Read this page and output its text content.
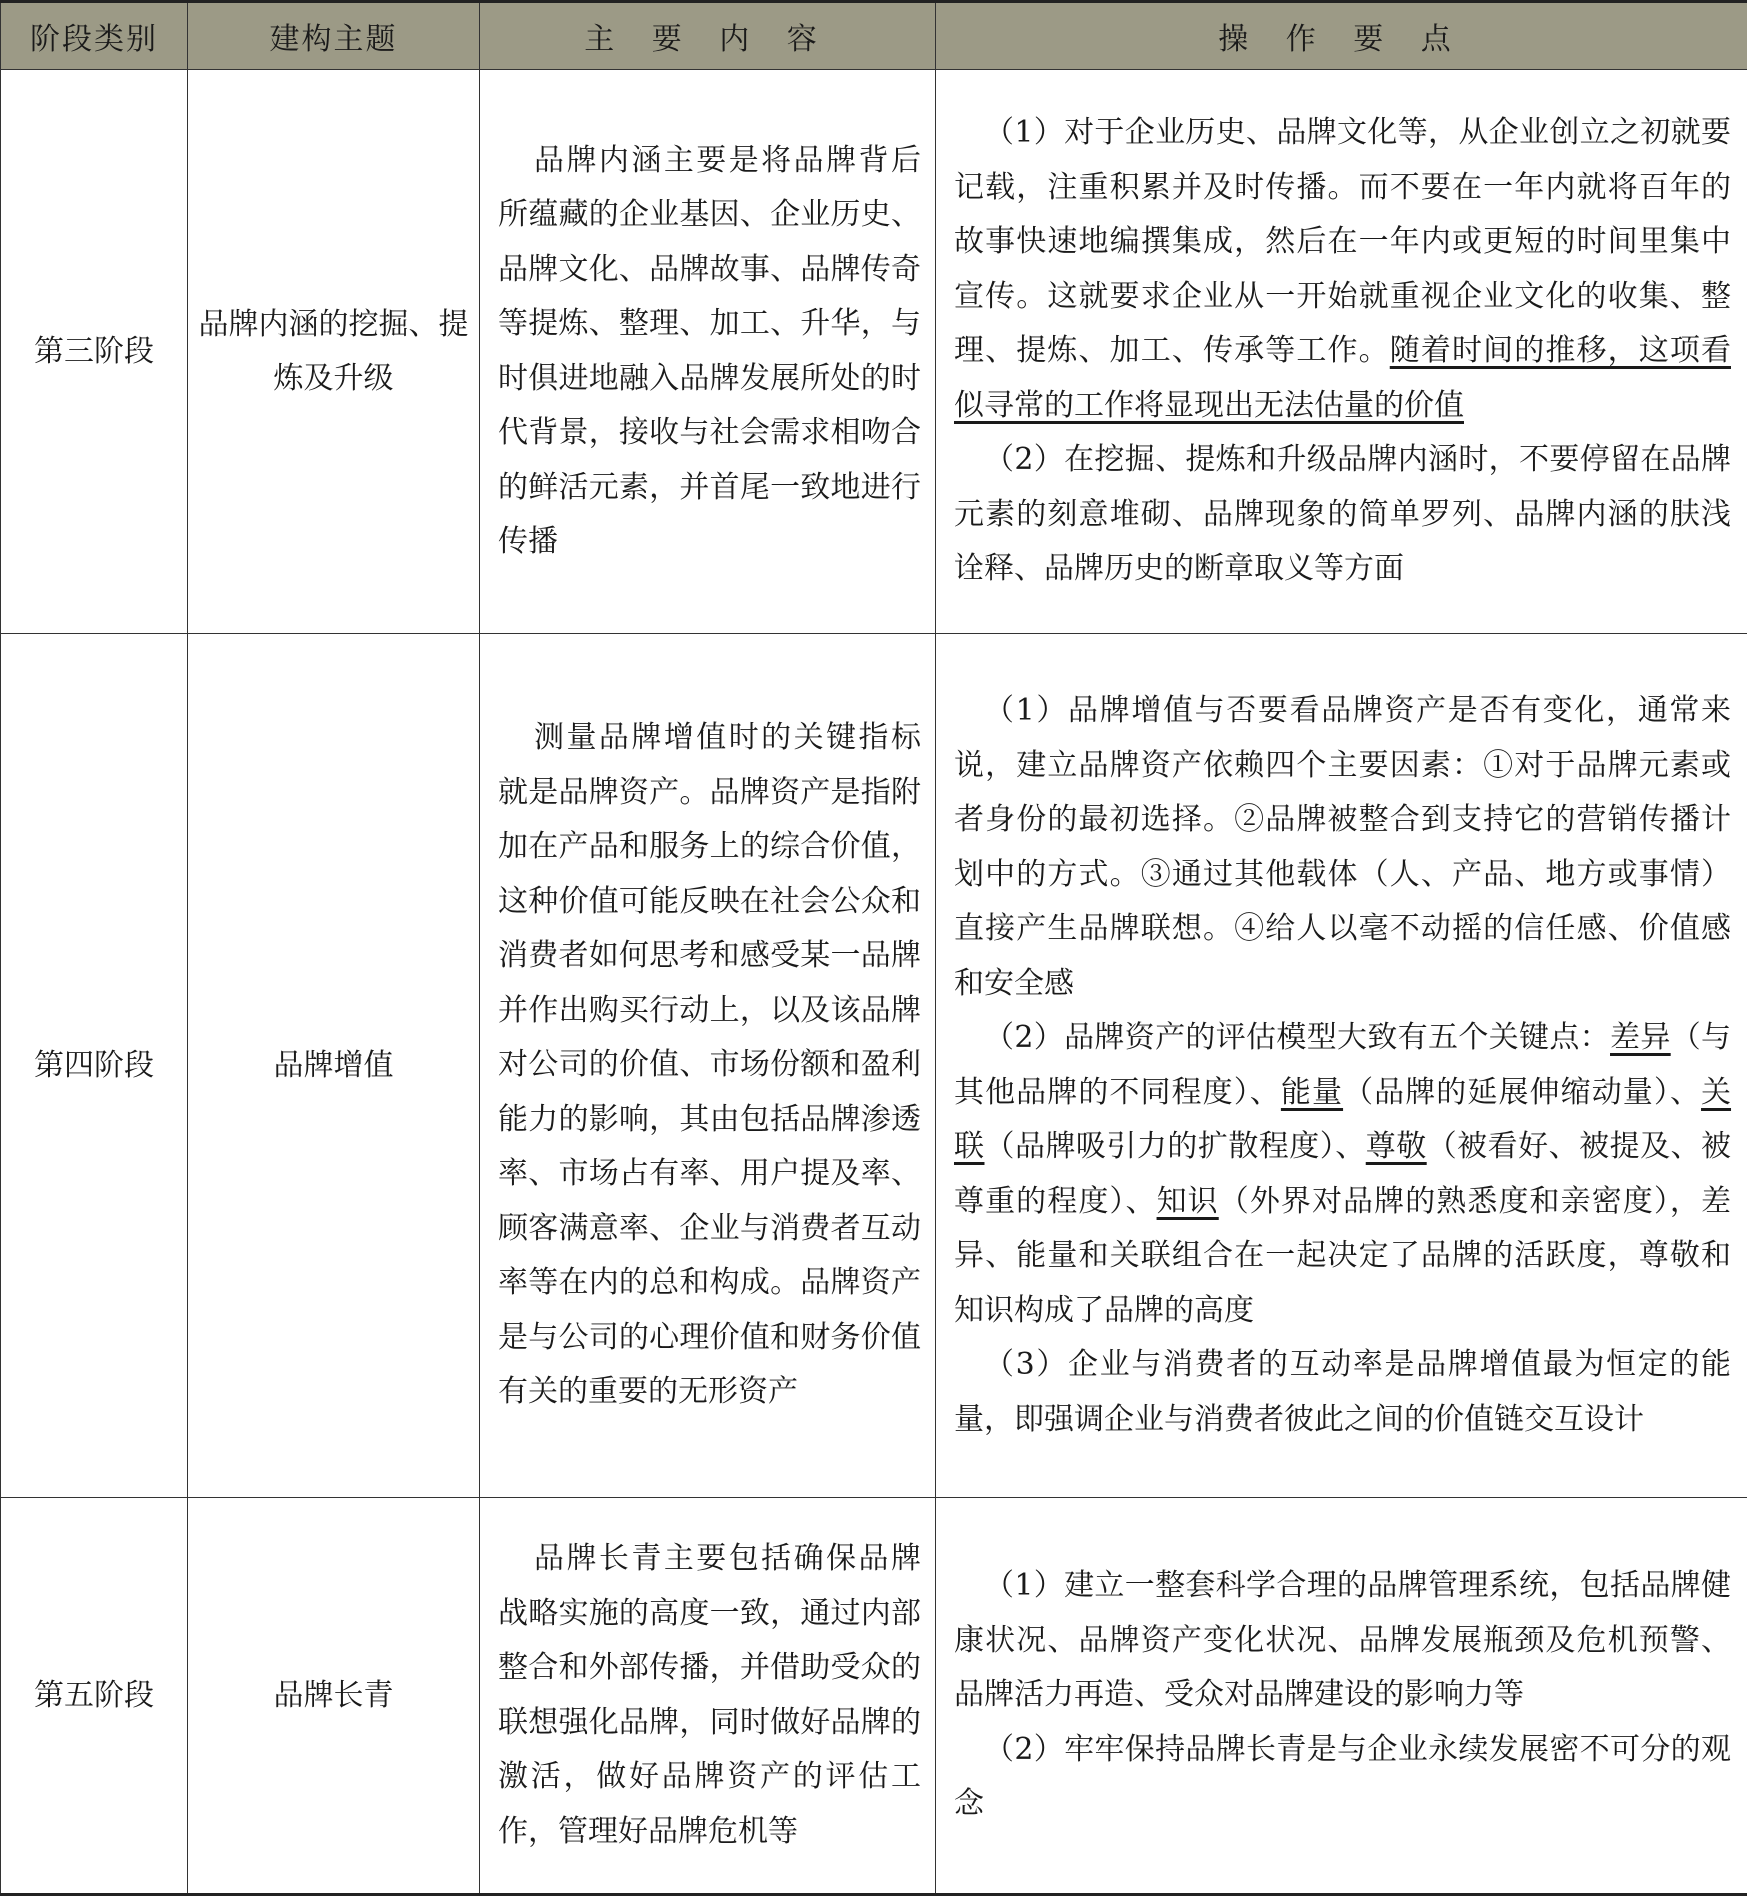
阶段类别	建构主题	主 要 内 容	操 作 要 点
第三阶段	品牌内涵的挖掘、提炼及升级	品牌内涵主要是将品牌背后所蕴藏的企业基因、企业历史、品牌文化、品牌故事、品牌传奇等提炼、整理、加工、升华，与时俱进地融入品牌发展所处的时代背景，接收与社会需求相吻合的鲜活元素，并首尾一致地进行传播	（1）对于企业历史、品牌文化等，从企业创立之初就要记载，注重积累并及时传播。而不要在一年内就将百年的故事快速地编撰集成，然后在一年内或更短的时间里集中宣传。这就要求企业从一开始就重视企业文化的收集、整理、提炼、加工、传承等工作。随着时间的推移，这项看似寻常的工作将显现出无法估量的价值

（2）在挖掘、提炼和升级品牌内涵时，不要停留在品牌元素的刻意堆砌、品牌现象的简单罗列、品牌内涵的肤浅诠释、品牌历史的断章取义等方面

第四阶段	品牌增值	测量品牌增值时的关键指标就是品牌资产。品牌资产是指附加在产品和服务上的综合价值，这种价值可能反映在社会公众和消费者如何思考和感受某一品牌并作出购买行动上，以及该品牌对公司的价值、市场份额和盈利能力的影响，其由包括品牌渗透率、市场占有率、用户提及率、顾客满意率、企业与消费者互动率等在内的总和构成。品牌资产是与公司的心理价值和财务价值有关的重要的无形资产	（1）品牌增值与否要看品牌资产是否有变化，通常来说，建立品牌资产依赖四个主要因素：①对于品牌元素或者身份的最初选择。②品牌被整合到支持它的营销传播计划中的方式。③通过其他载体（人、产品、地方或事情）直接产生品牌联想。④给人以毫不动摇的信任感、价值感和安全感

（2）品牌资产的评估模型大致有五个关键点：差异（与其他品牌的不同程度）、能量（品牌的延展伸缩动量）、关联（品牌吸引力的扩散程度）、尊敬（被看好、被提及、被尊重的程度）、知识（外界对品牌的熟悉度和亲密度），差异、能量和关联组合在一起决定了品牌的活跃度，尊敬和知识构成了品牌的高度

（3）企业与消费者的互动率是品牌增值最为恒定的能量，即强调企业与消费者彼此之间的价值链交互设计

第五阶段	品牌长青	品牌长青主要包括确保品牌战略实施的高度一致，通过内部整合和外部传播，并借助受众的联想强化品牌，同时做好品牌的激活，做好品牌资产的评估工作，管理好品牌危机等	（1）建立一整套科学合理的品牌管理系统，包括品牌健康状况、品牌资产变化状况、品牌发展瓶颈及危机预警、品牌活力再造、受众对品牌建设的影响力等

（2）牢牢保持品牌长青是与企业永续发展密不可分的观念
